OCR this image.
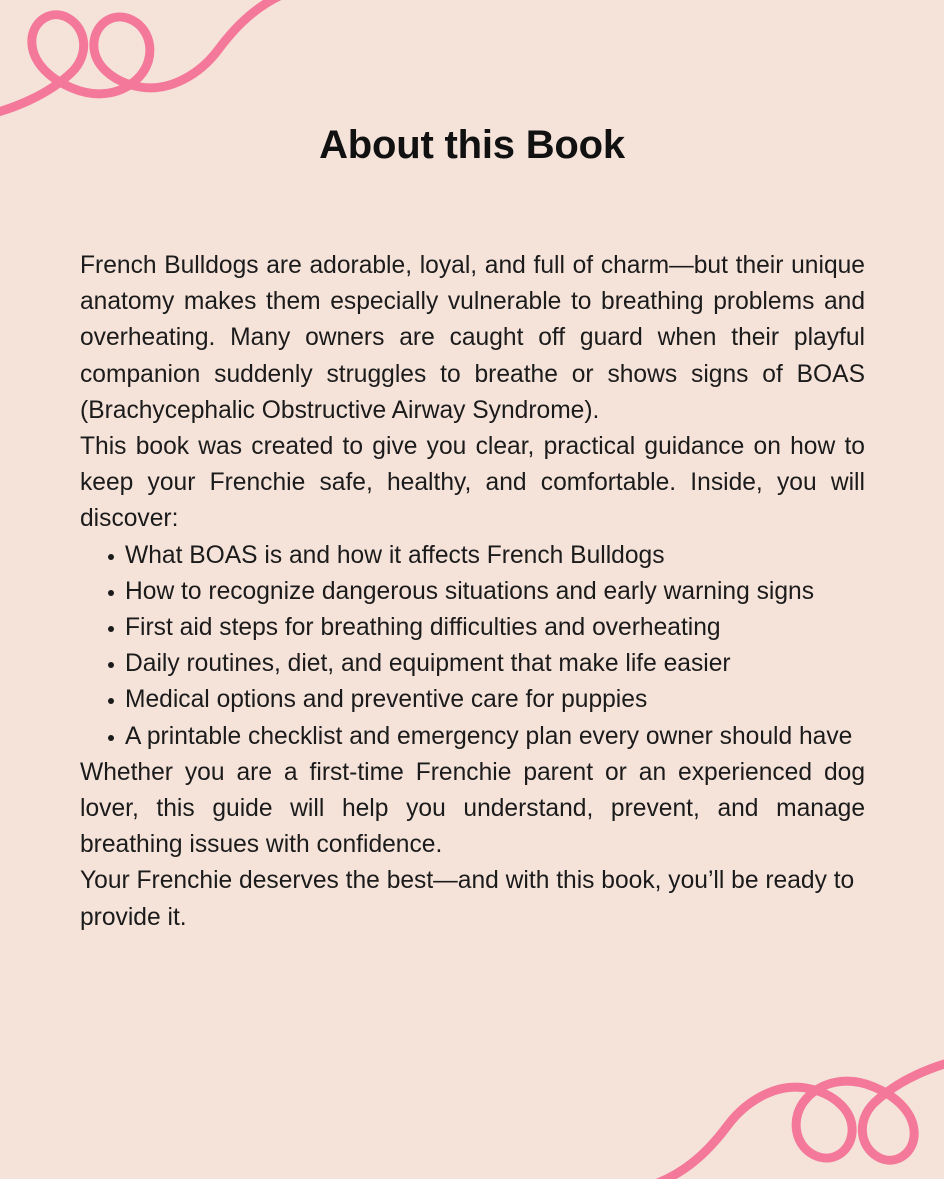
About this Book

French Bulldogs are adorable, loyal, and full of charm—but their unique anatomy makes them especially vulnerable to breathing problems and overheating. Many owners are caught off guard when their playful companion suddenly struggles to breathe or shows signs of BOAS (Brachycephalic Obstructive Airway Syndrome).

This book was created to give you clear, practical guidance on how to keep your Frenchie safe, healthy, and comfortable. Inside, you will discover:

What BOAS is and how it affects French Bulldogs
How to recognize dangerous situations and early warning signs
First aid steps for breathing difficulties and overheating
Daily routines, diet, and equipment that make life easier
Medical options and preventive care for puppies
A printable checklist and emergency plan every owner should have

Whether you are a first-time Frenchie parent or an experienced dog lover, this guide will help you understand, prevent, and manage breathing issues with confidence.

Your Frenchie deserves the best—and with this book, you’ll be ready to provide it.
